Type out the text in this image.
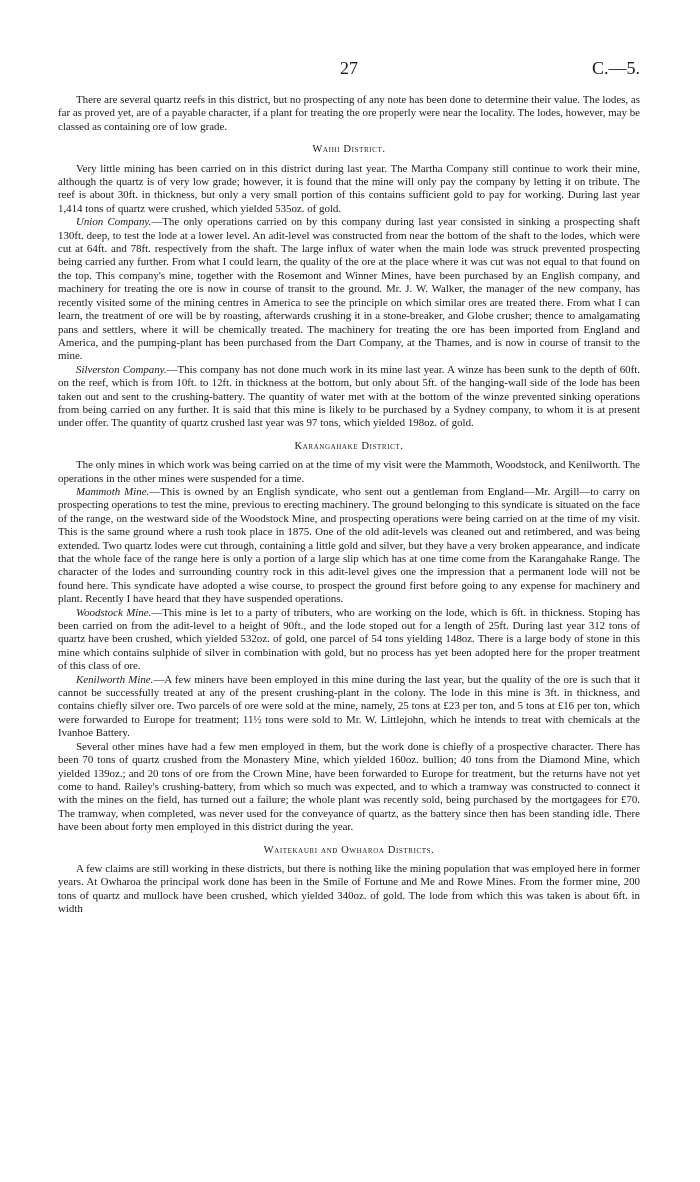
27	C.—5.

There are several quartz reefs in this district, but no prospecting of any note has been done to determine their value. The lodes, as far as proved yet, are of a payable character, if a plant for treating the ore properly were near the locality. The lodes, however, may be classed as containing ore of low grade.

Waihi District.

Very little mining has been carried on in this district during last year. The Martha Company still continue to work their mine, although the quartz is of very low grade; however, it is found that the mine will only pay the company by letting it on tribute. The reef is about 30ft. in thickness, but only a very small portion of this contains sufficient gold to pay for working. During last year 1,414 tons of quartz were crushed, which yielded 535oz. of gold.

Union Company.—The only operations carried on by this company during last year consisted in sinking a prospecting shaft 130ft. deep, to test the lode at a lower level. An adit-level was constructed from near the bottom of the shaft to the lodes, which were cut at 64ft. and 78ft. respectively from the shaft. The large influx of water when the main lode was struck prevented prospecting being carried any further. From what I could learn, the quality of the ore at the place where it was cut was not equal to that found on the top. This company's mine, together with the Rosemont and Winner Mines, have been purchased by an English company, and machinery for treating the ore is now in course of transit to the ground. Mr. J. W. Walker, the manager of the new company, has recently visited some of the mining centres in America to see the principle on which similar ores are treated there. From what I can learn, the treatment of ore will be by roasting, afterwards crushing it in a stone-breaker, and Globe crusher; thence to amalgamating pans and settlers, where it will be chemically treated. The machinery for treating the ore has been imported from England and America, and the pumping-plant has been purchased from the Dart Company, at the Thames, and is now in course of transit to the mine.

Silverston Company.—This company has not done much work in its mine last year. A winze has been sunk to the depth of 60ft. on the reef, which is from 10ft. to 12ft. in thickness at the bottom, but only about 5ft. of the hanging-wall side of the lode has been taken out and sent to the crushing-battery. The quantity of water met with at the bottom of the winze prevented sinking operations from being carried on any further. It is said that this mine is likely to be purchased by a Sydney company, to whom it is at present under offer. The quantity of quartz crushed last year was 97 tons, which yielded 198oz. of gold.

Karangahake District.

The only mines in which work was being carried on at the time of my visit were the Mammoth, Woodstock, and Kenilworth. The operations in the other mines were suspended for a time.

Mammoth Mine.—This is owned by an English syndicate, who sent out a gentleman from England—Mr. Argill—to carry on prospecting operations to test the mine, previous to erecting machinery. The ground belonging to this syndicate is situated on the face of the range, on the westward side of the Woodstock Mine, and prospecting operations were being carried on at the time of my visit. This is the same ground where a rush took place in 1875. One of the old adit-levels was cleaned out and retimbered, and was being extended. Two quartz lodes were cut through, containing a little gold and silver, but they have a very broken appearance, and indicate that the whole face of the range here is only a portion of a large slip which has at one time come from the Karangahake Range. The character of the lodes and surrounding country rock in this adit-level gives one the impression that a permanent lode will not be found here. This syndicate have adopted a wise course, to prospect the ground first before going to any expense for machinery and plant. Recently I have heard that they have suspended operations.

Woodstock Mine.—This mine is let to a party of tributers, who are working on the lode, which is 6ft. in thickness. Stoping has been carried on from the adit-level to a height of 90ft., and the lode stoped out for a length of 25ft. During last year 312 tons of quartz have been crushed, which yielded 532oz. of gold, one parcel of 54 tons yielding 148oz. There is a large body of stone in this mine which contains sulphide of silver in combination with gold, but no process has yet been adopted here for the proper treatment of this class of ore.

Kenilworth Mine.—A few miners have been employed in this mine during the last year, but the quality of the ore is such that it cannot be successfully treated at any of the present crushing-plant in the colony. The lode in this mine is 3ft. in thickness, and contains chiefly silver ore. Two parcels of ore were sold at the mine, namely, 25 tons at £23 per ton, and 5 tons at £16 per ton, which were forwarded to Europe for treatment; 11½ tons were sold to Mr. W. Littlejohn, which he intends to treat with chemicals at the Ivanhoe Battery.

Several other mines have had a few men employed in them, but the work done is chiefly of a prospective character. There has been 70 tons of quartz crushed from the Monastery Mine, which yielded 160oz. bullion; 40 tons from the Diamond Mine, which yielded 139oz.; and 20 tons of ore from the Crown Mine, have been forwarded to Europe for treatment, but the returns have not yet come to hand. Railey's crushing-battery, from which so much was expected, and to which a tramway was constructed to connect it with the mines on the field, has turned out a failure; the whole plant was recently sold, being purchased by the mortgagees for £70. The tramway, when completed, was never used for the conveyance of quartz, as the battery since then has been standing idle. There have been about forty men employed in this district during the year.

Waitekauri and Owharoa Districts.

A few claims are still working in these districts, but there is nothing like the mining population that was employed here in former years. At Owharoa the principal work done has been in the Smile of Fortune and Me and Rowe Mines. From the former mine, 200 tons of quartz and mullock have been crushed, which yielded 340oz. of gold. The lode from which this was taken is about 6ft. in width
